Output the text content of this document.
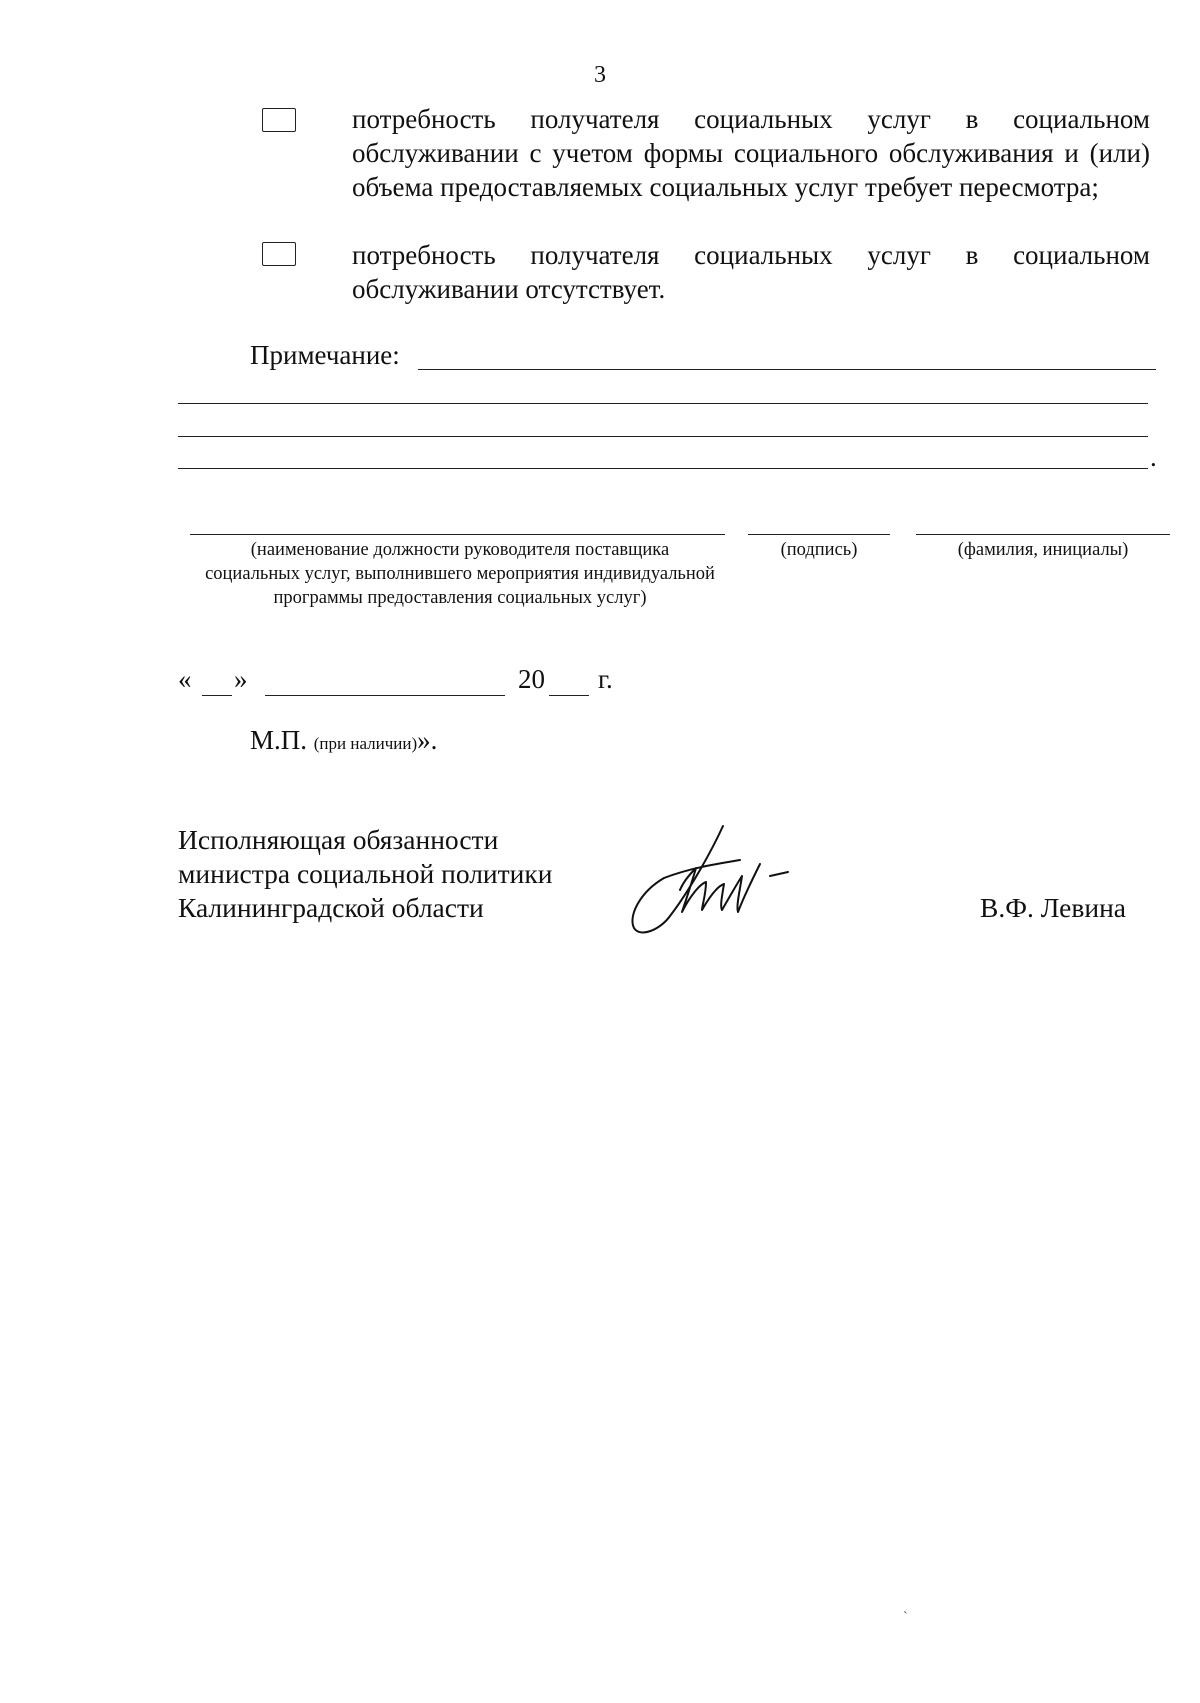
3
потребность получателя социальных услуг в социальном обслуживании с учетом формы социального обслуживания и (или) объема предоставляемых социальных услуг требует пересмотра;
потребность получателя социальных услуг в социальном обслуживании отсутствует.
Примечание:
.
(наименование должности руководителя поставщика социальных услуг, выполнившего мероприятия индивидуальной программы предоставления социальных услуг)
(подпись)	(фамилия, инициалы)
« »	20 г.
М.П. (при наличии)».
Исполняющая обязанности
министра социальной политики
Калининградской области	В.Ф. Левина
`
